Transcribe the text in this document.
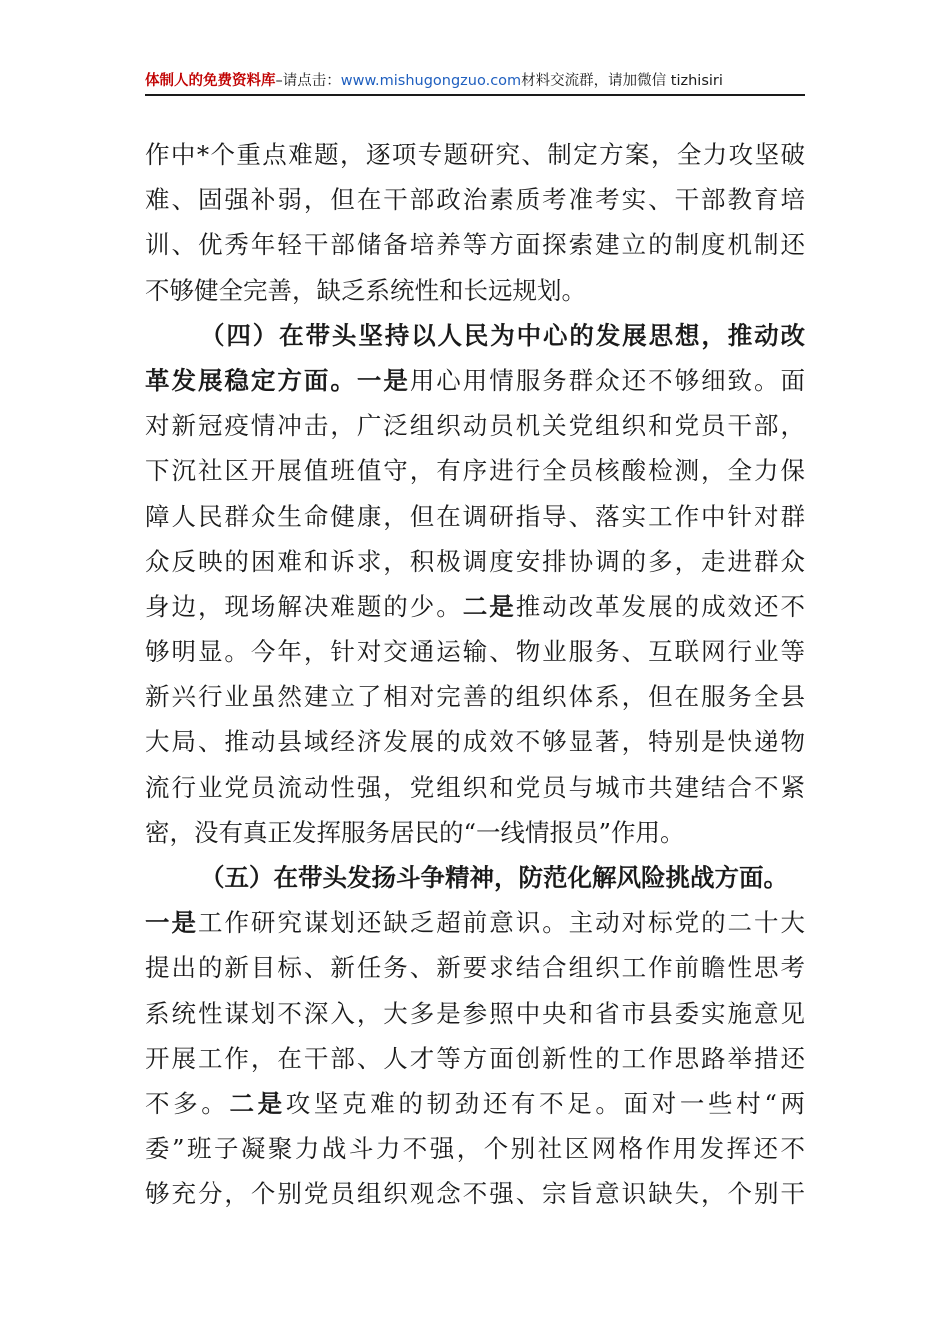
体制人的免费资料库–请点击：www.mishugongzuo.com材料交流群，请加微信 tizhisiri
作中*个重点难题，逐项专题研究、制定方案，全力攻坚破
难、固强补弱，但在干部政治素质考准考实、干部教育培
训、优秀年轻干部储备培养等方面探索建立的制度机制还
不够健全完善，缺乏系统性和长远规划。
（四）在带头坚持以人民为中心的发展思想，推动改
革发展稳定方面。一是用心用情服务群众还不够细致。面
对新冠疫情冲击，广泛组织动员机关党组织和党员干部，
下沉社区开展值班值守，有序进行全员核酸检测，全力保
障人民群众生命健康，但在调研指导、落实工作中针对群
众反映的困难和诉求，积极调度安排协调的多，走进群众
身边，现场解决难题的少。二是推动改革发展的成效还不
够明显。今年，针对交通运输、物业服务、互联网行业等
新兴行业虽然建立了相对完善的组织体系，但在服务全县
大局、推动县域经济发展的成效不够显著，特别是快递物
流行业党员流动性强，党组织和党员与城市共建结合不紧
密，没有真正发挥服务居民的“一线情报员”作用。
（五）在带头发扬斗争精神，防范化解风险挑战方面。
一是工作研究谋划还缺乏超前意识。主动对标党的二十大
提出的新目标、新任务、新要求结合组织工作前瞻性思考
系统性谋划不深入，大多是参照中央和省市县委实施意见
开展工作，在干部、人才等方面创新性的工作思路举措还
不多。二是攻坚克难的韧劲还有不足。面对一些村“两
委”班子凝聚力战斗力不强，个别社区网格作用发挥还不
够充分，个别党员组织观念不强、宗旨意识缺失，个别干
